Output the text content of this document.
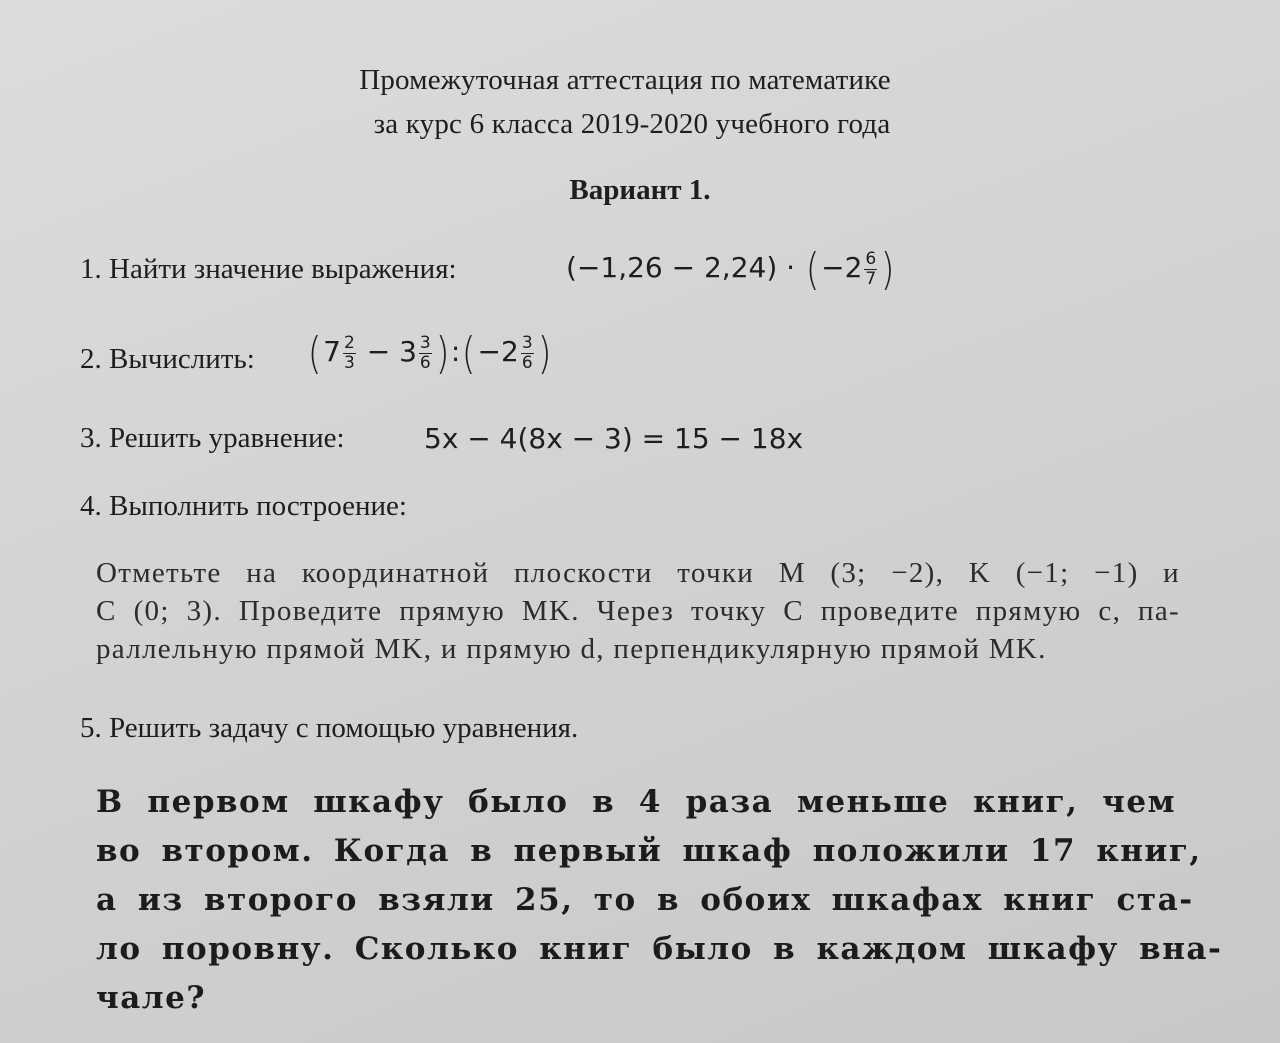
Промежуточная аттестация по математике
за курс 6 класса 2019-2020 учебного года
Вариант 1.
1. Найти значение выражения:	$(-1,26 - 2,24) \cdot (-2 \frac{6}{7}$ )
2. Вычислить: ($7 \frac{2}{3} - 3 \frac{3}{6}$ ):(−2 $\frac{3}{6}$ )
3. Решить уравнение:	5x − 4(8x − 3) = 15 − 18x
4. Выполнить построение:

Отметьте на координатной плоскости точки M (3; −2), K (−1; −1) и

C (0; 3). Проведите прямую MK. Через точку C проведите прямую c, па-

раллельную прямой MK, и прямую d, перпендикулярную прямой MK.

5. Решить задачу с помощью уравнения.

В первом шкафу было в 4 раза меньше книг, чем

во втором. Когда в первый шкаф положили 17 книг,

а из второго взяли 25, то в обоих шкафах книг ста-

ло поровну. Сколько книг было в каждом шкафу вна-

чале?
